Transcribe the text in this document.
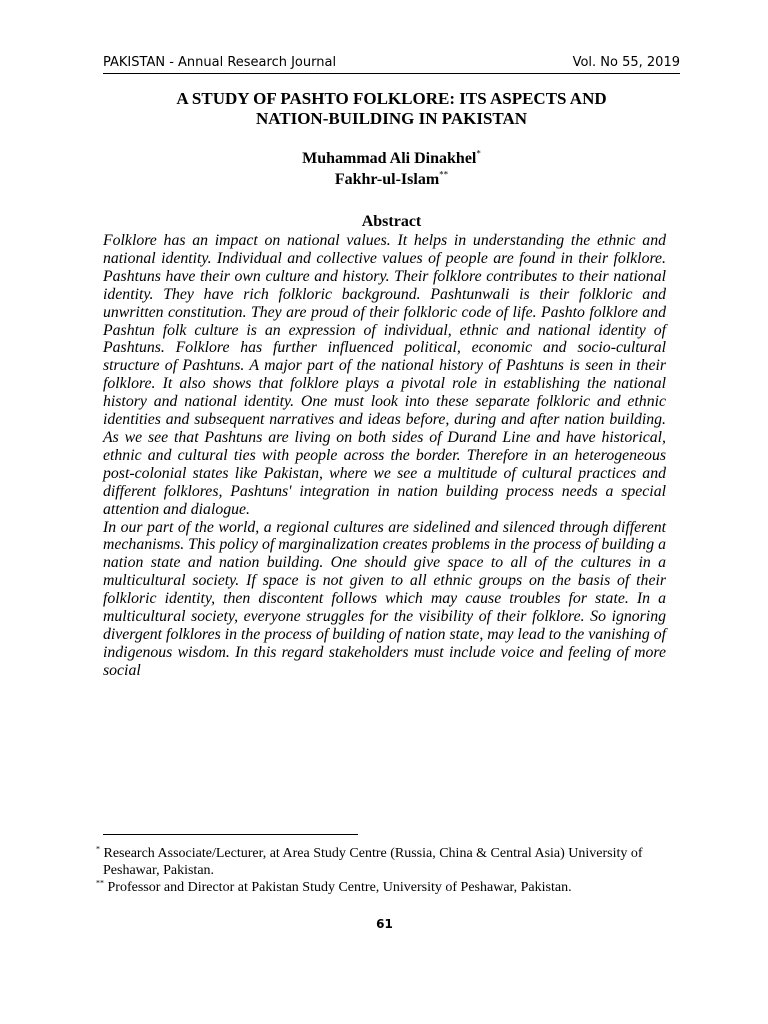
PAKISTAN - Annual Research Journal	Vol. No 55, 2019
A STUDY OF PASHTO FOLKLORE: ITS ASPECTS AND
NATION-BUILDING IN PAKISTAN
Muhammad Ali Dinakhel*
Fakhr-ul-Islam**
Abstract

Folklore has an impact on national values. It helps in understanding the ethnic and national identity. Individual and collective values of people are found in their folklore. Pashtuns have their own culture and history. Their folklore contributes to their national identity. They have rich folkloric background. Pashtunwali is their folkloric and unwritten constitution. They are proud of their folkloric code of life. Pashto folklore and Pashtun folk culture is an expression of individual, ethnic and national identity of Pashtuns. Folklore has further influenced political, economic and socio-cultural structure of Pashtuns. A major part of the national history of Pashtuns is seen in their folklore. It also shows that folklore plays a pivotal role in establishing the national history and national identity. One must look into these separate folkloric and ethnic identities and subsequent narratives and ideas before, during and after nation building. As we see that Pashtuns are living on both sides of Durand Line and have historical, ethnic and cultural ties with people across the border. Therefore in an heterogeneous post-colonial states like Pakistan, where we see a multitude of cultural practices and different folklores, Pashtuns' integration in nation building process needs a special attention and dialogue.

In our part of the world, a regional cultures are sidelined and silenced through different mechanisms. This policy of marginalization creates problems in the process of building a nation state and nation building. One should give space to all of the cultures in a multicultural society. If space is not given to all ethnic groups on the basis of their folkloric identity, then discontent follows which may cause troubles for state. In a multicultural society, everyone struggles for the visibility of their folklore. So ignoring divergent folklores in the process of building of nation state, may lead to the vanishing of indigenous wisdom. In this regard stakeholders must include voice and feeling of more social

* Research Associate/Lecturer, at Area Study Centre (Russia, China & Central Asia) University of Peshawar, Pakistan.

** Professor and Director at Pakistan Study Centre, University of Peshawar, Pakistan.

61
